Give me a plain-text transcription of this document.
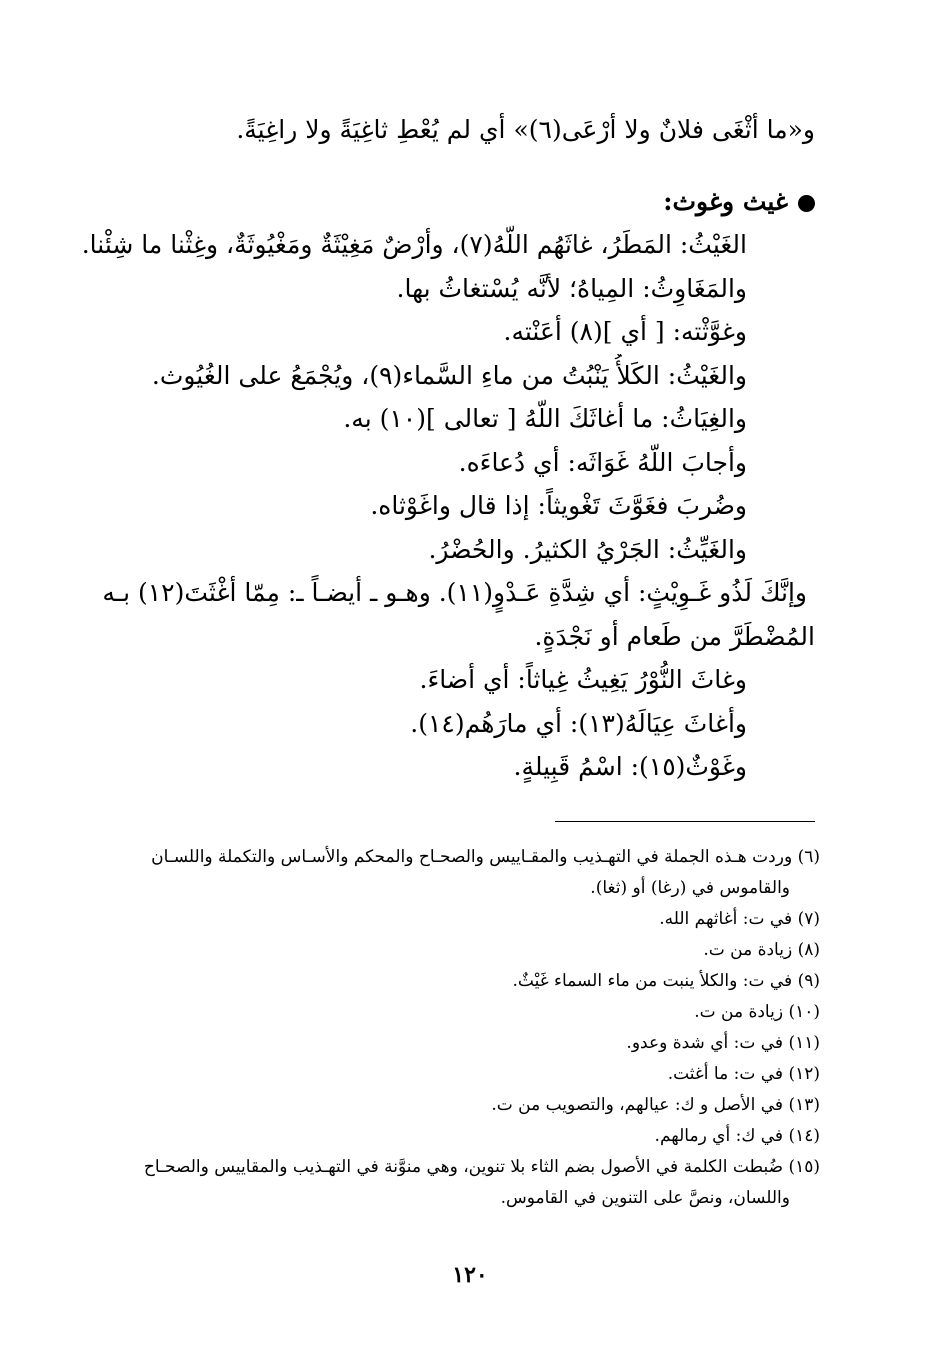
و«ما أثْغَى فلانٌ ولا أرْعَى(٦)» أي لم يُعْطِ ثاغِيَةً ولا راغِيَةً.
غيث وغوث:
الغَيْثُ: المَطَرُ، غاثَهُم اللّهُ(٧)، وأرْضٌ مَغِيْثَةٌ ومَغْيُوثَةٌ، وغِثْنا ما شِئْنا.
والمَغَاوِثُ: المِياهُ؛ لأنَّه يُسْتغاثُ بها.
وغوَّثْته: [ أي ](٨) أعَنْته.
والغَيْثُ: الكَلأُ يَنْبُتُ من ماءِ السَّماء(٩)، ويُجْمَعُ على الغُيُوث.
والغِيَاثُ: ما أغاثَكَ اللّهُ [ تعالى ](١٠) به.
وأجابَ اللّهُ غَوَاثَه: أي دُعاءَه.
وضُربَ فغَوَّثَ تَغْويثاً: إذا قال واغَوْثاه.
والغَيِّثُ: الجَرْيُ الكثيرُ. والحُضْرُ.
وإنَّكَ لَذُو غَـوِيْثٍ: أي شِدَّةِ عَـدْوٍ(١١). وهـو ـ أيضـاً ـ: مِمّا أغْثَتَ(١٢) بـه
المُضْطَرَّ من طَعام أو نَجْدَةٍ.
وغاثَ النُّوْرُ يَغِيثُ غِياثاً: أي أضاءَ.
وأغاثَ عِيَالَهُ(١٣): أي مارَهُم(١٤).
وغَوْثٌ(١٥): اسْمُ قَبِيلةٍ.
(٦) وردت هـذه الجملة في التهـذيب والمقـاييس والصحـاح والمحكم والأسـاس والتكملة واللسـان
والقاموس في (رغا) أو (ثغا).
(٧) في ت: أغاثهم الله.
(٨) زيادة من ت.
(٩) في ت: والكلأ ينبت من ماء السماء غَيْثٌ.
(١٠) زيادة من ت.
(١١) في ت: أي شدة وعدو.
(١٢) في ت: ما أغثت.
(١٣) في الأصل و ك: عيالهم، والتصويب من ت.
(١٤) في ك: أي رمالهم.
(١٥) ضُبطت الكلمة في الأصول بضم الثاء بلا تنوين، وهي منوَّنة في التهـذيب والمقاييس والصحـاح
واللسان، ونصَّ على التنوين في القاموس.
١٢٠
